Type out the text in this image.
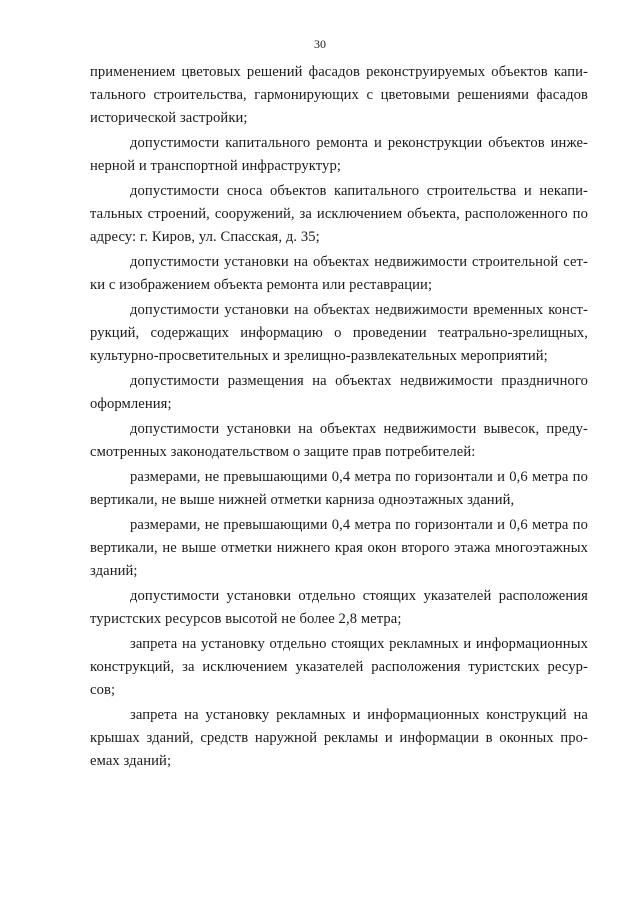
30
применением цветовых решений фасадов реконструируемых объектов капи-
тального строительства, гармонирующих с цветовыми решениями фасадов
исторической застройки;
допустимости капитального ремонта и реконструкции объектов инже-
нерной и транспортной инфраструктур;
допустимости сноса объектов капитального строительства и некапи-
тальных строений, сооружений, за исключением объекта, расположенного по
адресу: г. Киров, ул. Спасская, д. 35;
допустимости установки на объектах недвижимости строительной сет-
ки с изображением объекта ремонта или реставрации;
допустимости установки на объектах недвижимости временных конст-
рукций, содержащих информацию о проведении театрально-зрелищных,
культурно-просветительных и зрелищно-развлекательных мероприятий;
допустимости размещения на объектах недвижимости праздничного
оформления;
допустимости установки на объектах недвижимости вывесок, преду-
смотренных законодательством о защите прав потребителей:
размерами, не превышающими 0,4 метра по горизонтали и 0,6 метра по
вертикали, не выше нижней отметки карниза одноэтажных зданий,
размерами, не превышающими 0,4 метра по горизонтали и 0,6 метра по
вертикали, не выше отметки нижнего края окон второго этажа многоэтажных
зданий;
допустимости установки отдельно стоящих указателей расположения
туристских ресурсов высотой не более 2,8 метра;
запрета на установку отдельно стоящих рекламных и информационных
конструкций, за исключением указателей расположения туристских ресур-
сов;
запрета на установку рекламных и информационных конструкций на
крышах зданий, средств наружной рекламы и информации в оконных про-
емах зданий;
